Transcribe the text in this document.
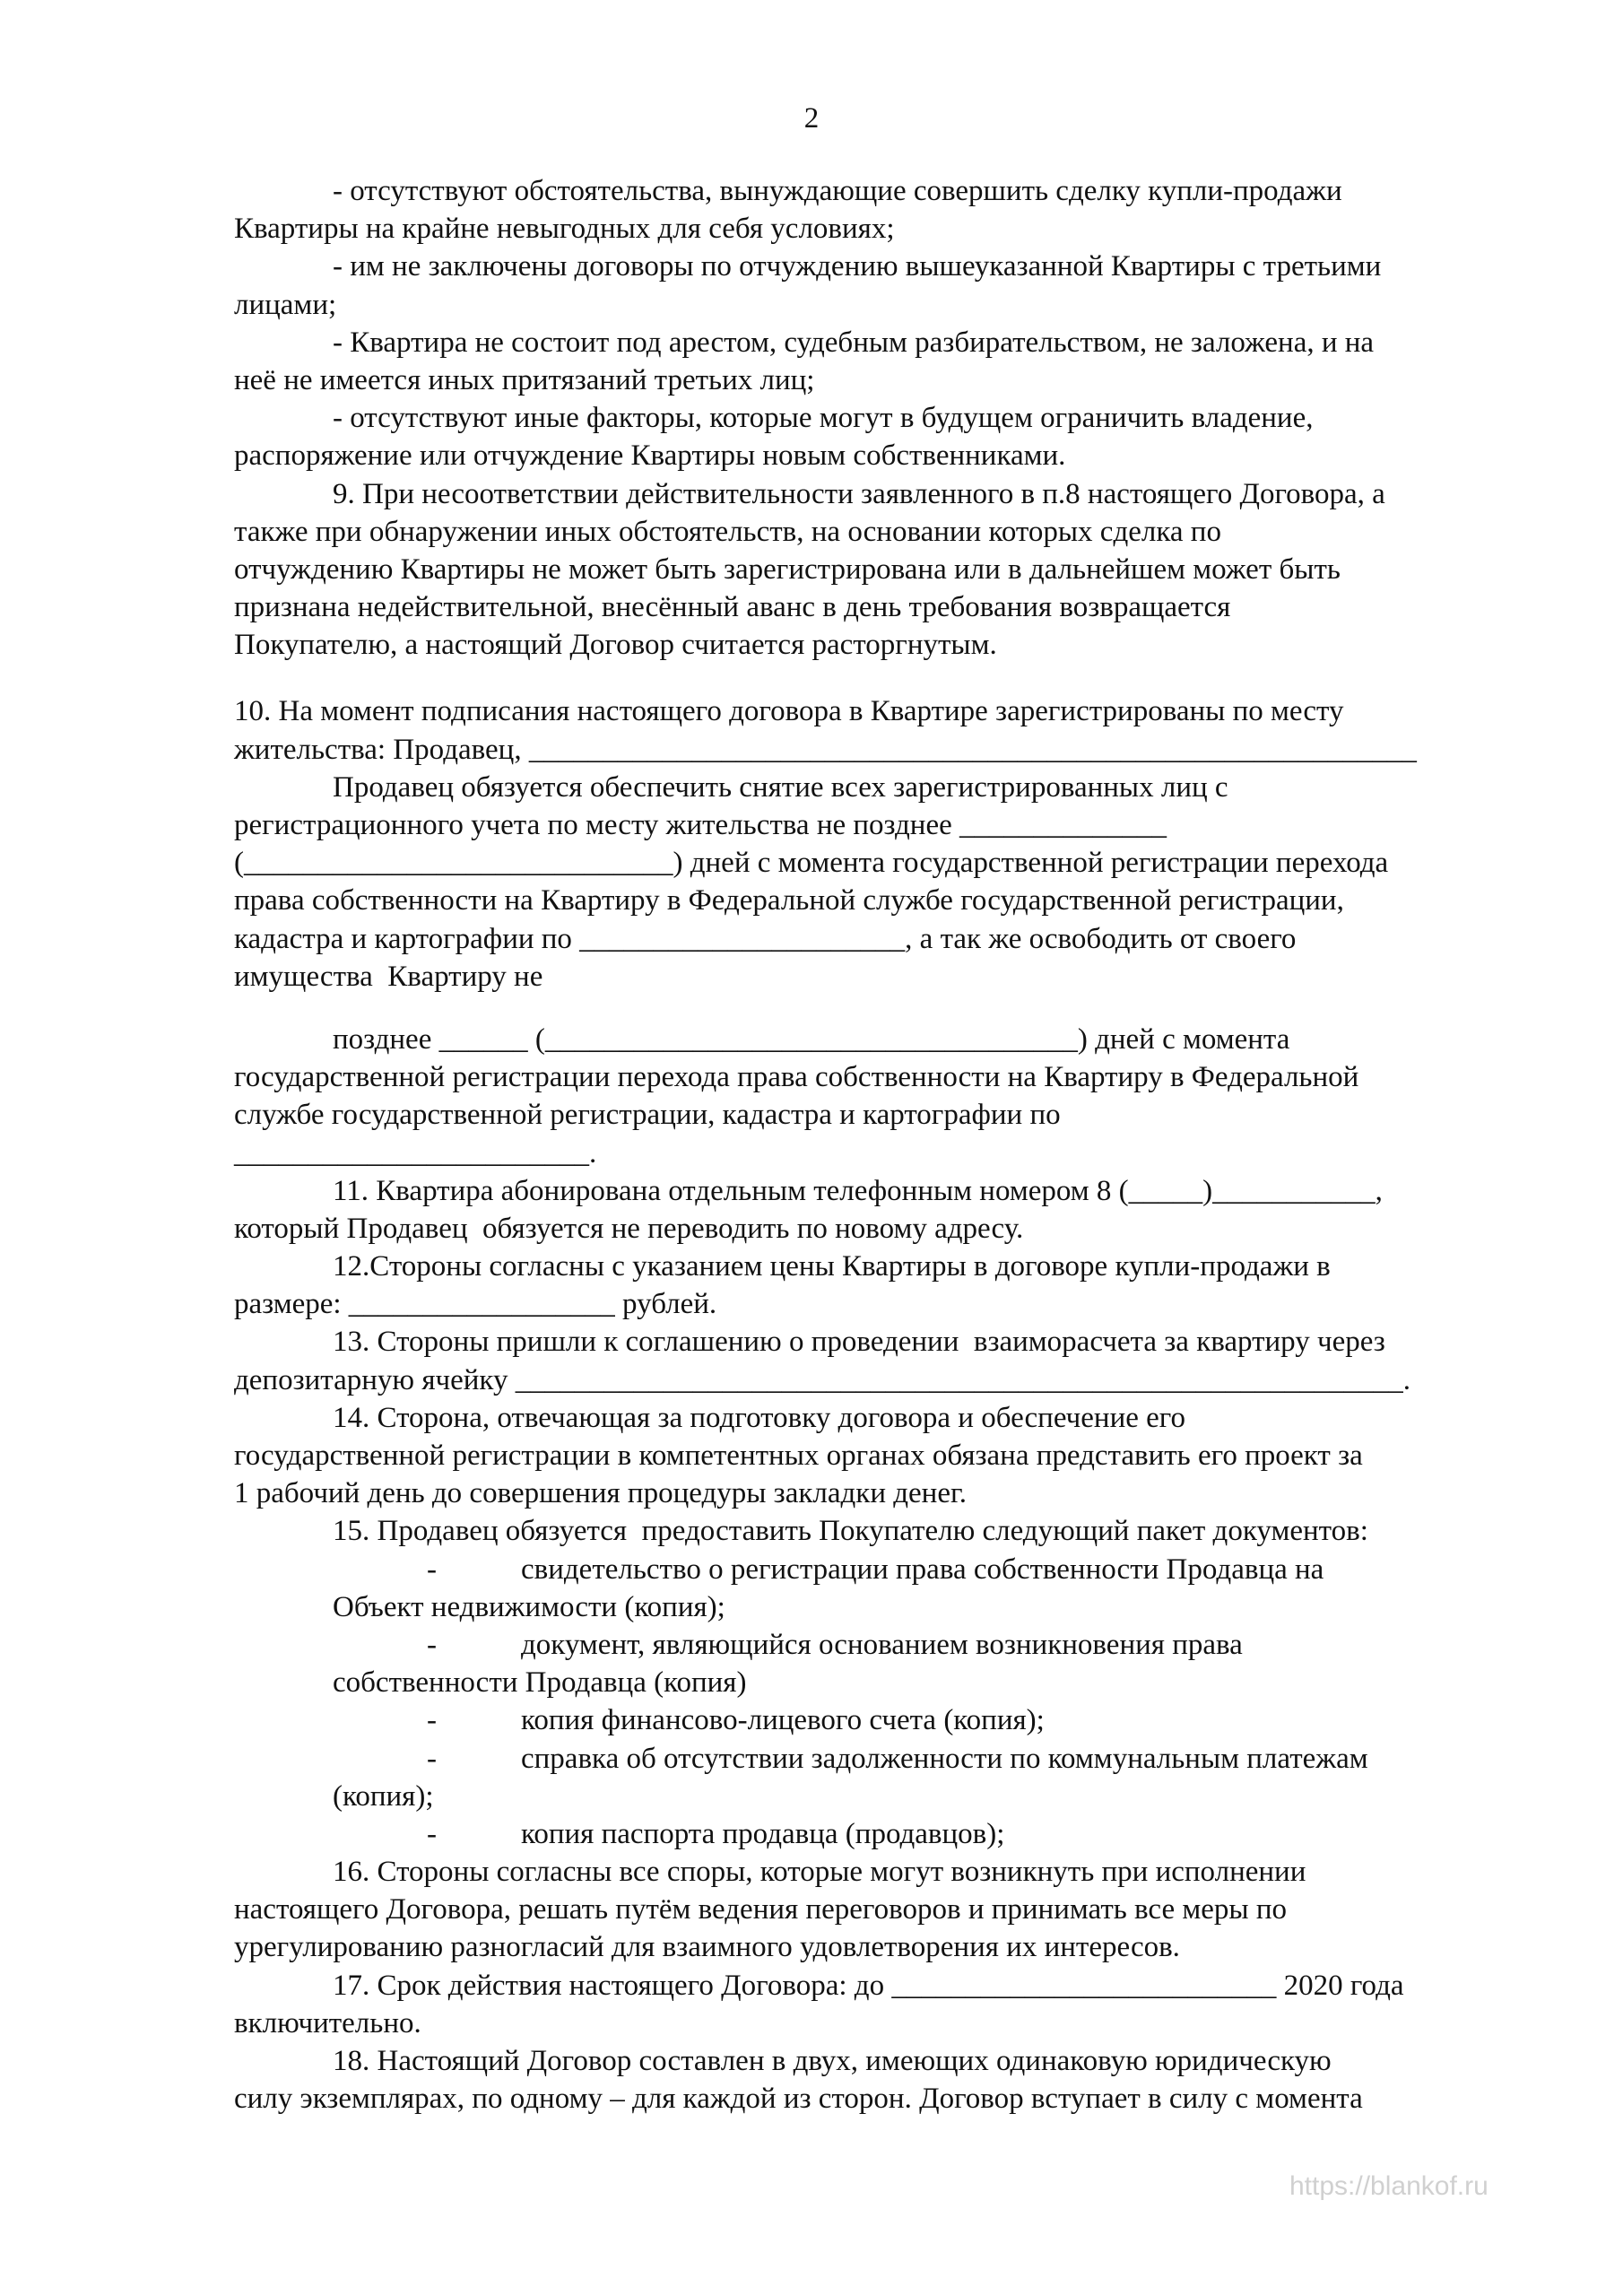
2
- отсутствуют обстоятельства, вынуждающие совершить сделку купли-продажи
Квартиры на крайне невыгодных для себя условиях;
- им не заключены договоры по отчуждению вышеуказанной Квартиры с третьими
лицами;
- Квартира не состоит под арестом, судебным разбирательством, не заложена, и на
неё не имеется иных притязаний третьих лиц;
- отсутствуют иные факторы, которые могут в будущем ограничить владение,
распоряжение или отчуждение Квартиры новым собственниками.
9. При несоответствии действительности заявленного в п.8 настоящего Договора, а
также при обнаружении иных обстоятельств, на основании которых сделка по
отчуждению Квартиры не может быть зарегистрирована или в дальнейшем может быть
признана недействительной, внесённый аванс в день требования возвращается
Покупателю, а настоящий Договор считается расторгнутым.
10. На момент подписания настоящего договора в Квартире зарегистрированы по месту
жительства: Продавец, ____________________________________________________________
Продавец обязуется обеспечить снятие всех зарегистрированных лиц с
регистрационного учета по месту жительства не позднее ______________
(_____________________________) дней с момента государственной регистрации перехода
права собственности на Квартиру в Федеральной службе государственной регистрации,
кадастра и картографии по ______________________, а так же освободить от своего
имущества  Квартиру не
позднее ______ (____________________________________) дней с момента
государственной регистрации перехода права собственности на Квартиру в Федеральной
службе государственной регистрации, кадастра и картографии по
________________________.
11. Квартира абонирована отдельным телефонным номером 8 (_____)___________,
который Продавец  обязуется не переводить по новому адресу.
12.Стороны согласны с указанием цены Квартиры в договоре купли-продажи в
размере: __________________ рублей.
13. Стороны пришли к соглашению о проведении  взаиморасчета за квартиру через
депозитарную ячейку ____________________________________________________________.
14. Сторона, отвечающая за подготовку договора и обеспечение его
государственной регистрации в компетентных органах обязана представить его проект за
1 рабочий день до совершения процедуры закладки денег.
15. Продавец обязуется  предоставить Покупателю следующий пакет документов:
-	свидетельство о регистрации права собственности Продавца на
Объект недвижимости (копия);
-	документ, являющийся основанием возникновения права
собственности Продавца (копия)
-	копия финансово-лицевого счета (копия);
-	справка об отсутствии задолженности по коммунальным платежам
(копия);
-	копия паспорта продавца (продавцов);
16. Стороны согласны все споры, которые могут возникнуть при исполнении
настоящего Договора, решать путём ведения переговоров и принимать все меры по
урегулированию разногласий для взаимного удовлетворения их интересов.
17. Срок действия настоящего Договора: до __________________________ 2020 года
включительно.
18. Настоящий Договор составлен в двух, имеющих одинаковую юридическую
силу экземплярах, по одному – для каждой из сторон. Договор вступает в силу с момента
https://blankof.ru
